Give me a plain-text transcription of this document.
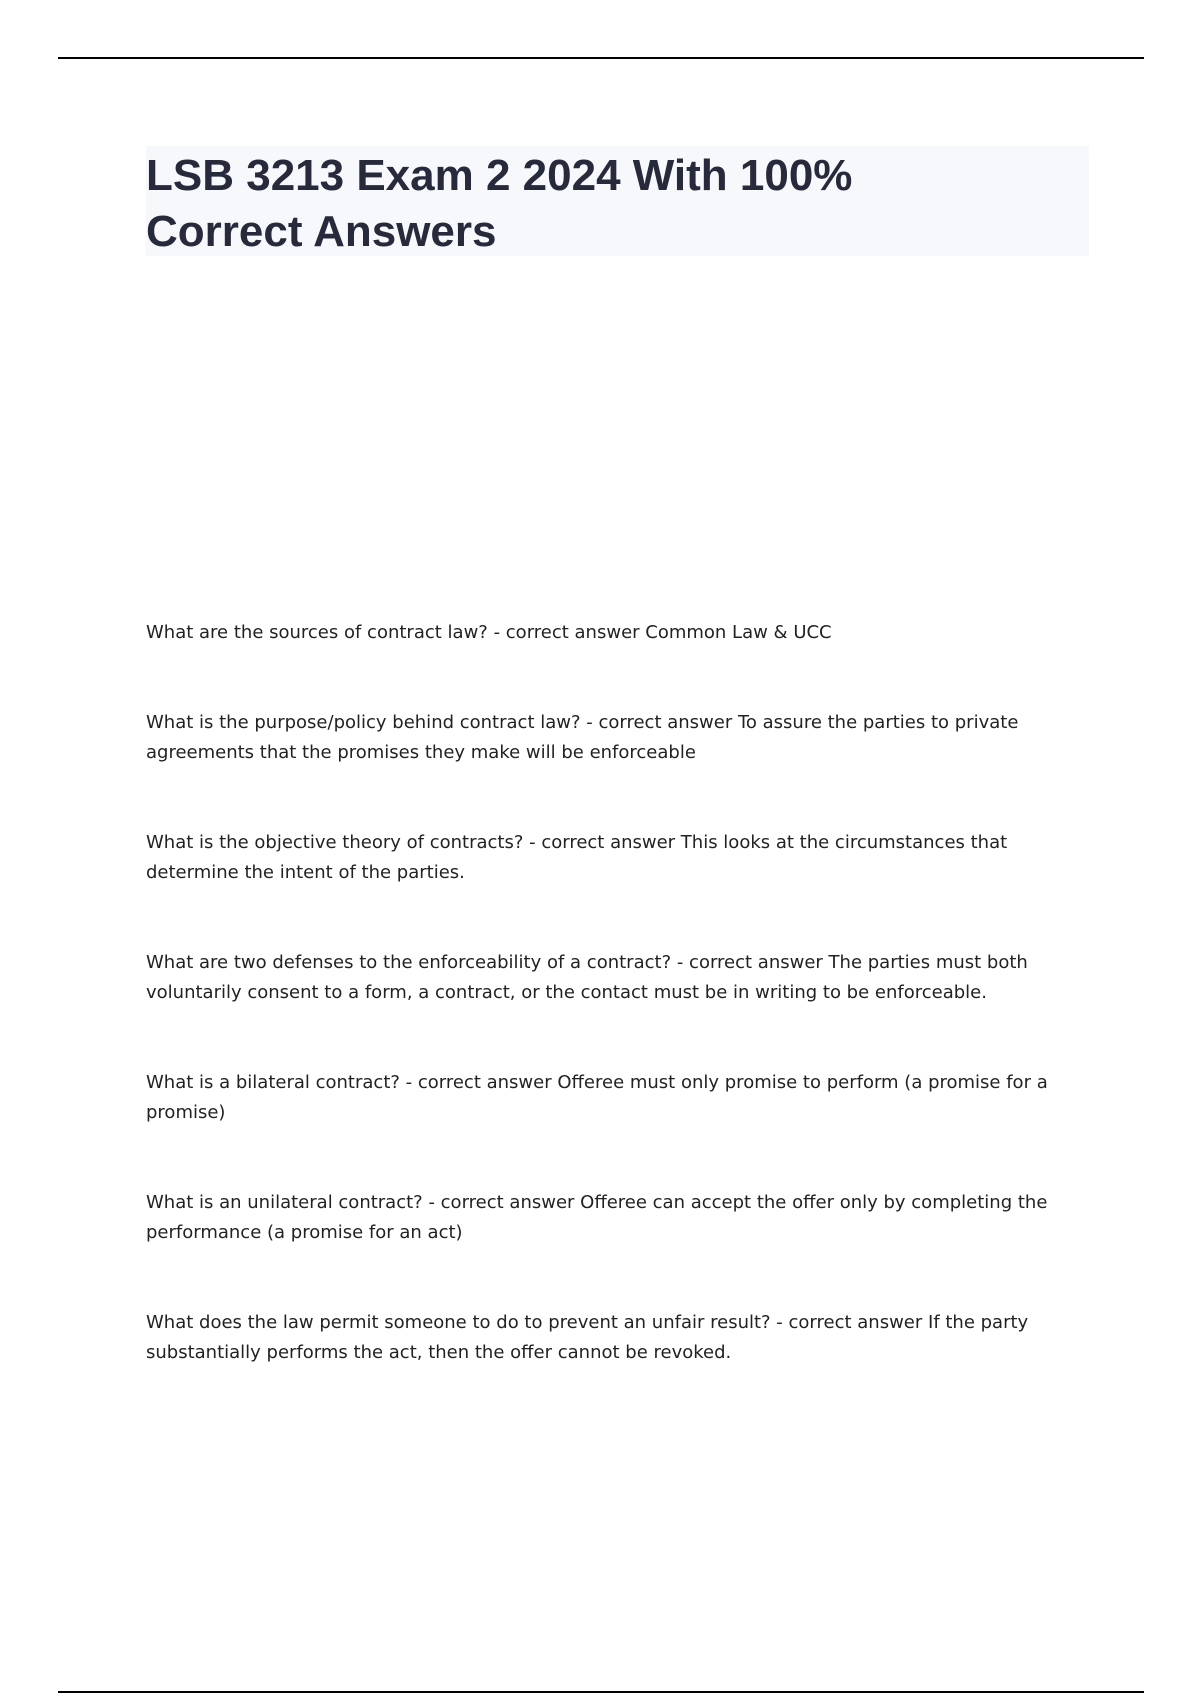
LSB 3213 Exam 2 2024 With 100%
Correct Answers
What are the sources of contract law? - correct answer Common Law & UCC
What is the purpose/policy behind contract law? - correct answer To assure the parties to private agreements that the promises they make will be enforceable
What is the objective theory of contracts? - correct answer This looks at the circumstances that determine the intent of the parties.
What are two defenses to the enforceability of a contract? - correct answer The parties must both voluntarily consent to a form, a contract, or the contact must be in writing to be enforceable.
What is a bilateral contract? - correct answer Offeree must only promise to perform (a promise for a promise)
What is an unilateral contract? - correct answer Offeree can accept the offer only by completing the performance (a promise for an act)
What does the law permit someone to do to prevent an unfair result? - correct answer If the party substantially performs the act, then the offer cannot be revoked.
